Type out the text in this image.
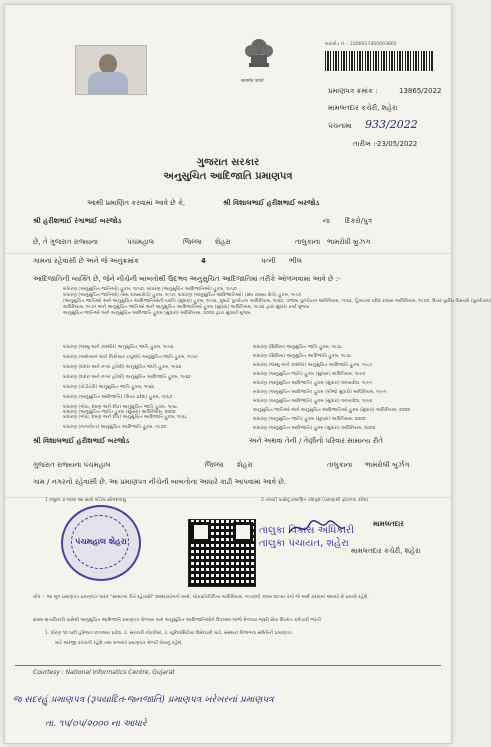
सत्यमेव जयते
બારકોડ નં. : 2200017400003865
પ્રમાણપત્ર ક્રમાંક :	13865/2022
મામલતદાર કચેરી, શહેરા
પંચનામા 933/2022
તારીખ :- 23/05/2022
ગુજરાત સરકાર
અનુસુચિત આદિજાતિ પ્રમાણપત્ર
આથી પ્રમાણિત કરવામાં આવે છે કે,	શ્રી વિશાલભાઈ હરીશભાઈ બરજોડ
શ્રી હરીશભાઈ રંગાભાઈ બરજોડ	ના દિકરો/પુત્ર
છે, તે ગુજરાત રાજ્યના	પંચમહાલ	જિલ્લા શેહરા	તાલુકાના ભામરોધી બ્રુઝગ
ગામના રહેવાસી છે અને જે અનુક્રમાંક	4	પત્ની ભીલ
આદિજાતિની વ્યક્તિ છે, જેને નીચેની બાબતોથી ઉદભવ અનુસુચિત આદિજાતિમાં તરીકે ઓળખવામાં આવે છે :-
બંધારણ (અનુસુચિત જાતિઓ) હુકમ, ૧૯૫૦, બંધારણ (અનુસુચિત આદિજાતિઓ) હુકમ, ૧૯૫૦
બંધારણ (અનુસુચિત જાતિઓ) (સંઘ રાજ્યક્ષેત્રો) હુકમ, ૧૯૫૧, બંધારણ (અનુસુચિત આદિજાતિઓ) (સંઘ રાજ્ય ક્ષેત્રો) હુકમ, ૧૯૫૧
(અનુસુચિત જાતિઓ અને અનુસુચિત આદિજાતિઓની યાદી) (સુધારા) હુકમ, ૧૯૫૬, મુંબઈ પુનર્રચના અધિનિયમ, ૧૯૬૦, પંજાબ પુનર્રચના અધિનિયમ, ૧૯૬૬, હિમાચલ પ્રદેશ રાજ્ય અધિનિયમ, ૧૯૭૦, ઉત્તર-પુર્વીય વિસ્તારો (પુનર્રચના)
અધિનિયમ, ૧૯૭૧ અને અનુસુચિત જાતિઓ અને અનુસુચિત આદિજાતિઓ હુકમ (સુધારા) અધિનિયમ, ૧૯૭૬ દ્વારા સુધારા કર્યા મુજબ
અનુસુચિત જાતિઓ અને અનુસુચિત આદિજાતિ હુકમ (સુધારા) અધિનિયમ, ૨૦૦૨ દ્વારા સુધાર્યા મુજબ
બંધારણ (જમ્મુ અને કાશ્મીર) અનુસુચિત જાતિ હુકમ, ૧૯૫૬
બંધારણ (આંદામાન અને નિકોબાર ટાપુઓ) અનુસુચિત જાતિ હુકમ, ૧૯૫૯
બંધારણ (દાદરા અને નગર હવેલી) અનુસુચિત જાતિ હુકમ, ૧૯૬૨
બંધારણ (દાદરા અને નગર હવેલી) અનુસુચિત આદિજાતિ હુકમ, ૧૯૬૨
બંધારણ (પોંડીચેરી) અનુસુચિત જાતિ હુકમ, ૧૯૬૪
બંધારણ (અનુસુચિત આદિજાતિ) (ઉત્તર પ્રદેશ) હુકમ, ૧૯૬૭
બંધારણ (ગોવા, દમણ અને દીવ) અનુસુચિત જાતિ હુકમ, ૧૯૬૮
બંધારણ (ગોવા, દમણ અને દીવ) અનુસુચિત આદિજાતિ હુકમ, ૧૯૬૮
બંધારણ (નાગાલેન્ડ) અનુસુચિત આદિજાતિ હુકમ, ૧૯૭૦
બંધારણ (સિક્કિમ) અનુસુચિત જાતિ હુકમ, ૧૯૭૮
બંધારણ (સિક્કિમ) અનુસુચિત આદિજાતિ હુકમ, ૧૯૭૮
બંધારણ (જમ્મુ અને કાશ્મીર) અનુસુચિત આદિજાતિ હુકમ, ૧૯૮૯
બંધારણ (અનુસુચિત જાતિ) હુકમ (સુધારા) અધિનિયમ, ૧૯૯૦
બંધારણ (અનુસુચિત આદિજાતિ) હુકમ (સુધારા) અધ્યાદેશ, ૧૯૯૧
બંધારણ (અનુસુચિત આદિજાતિ) હુકમ (બીજો સુધારો) અધિનિયમ, ૧૯૯૧
બંધારણ (અનુસુચિત આદિજાતિ) હુકમ (સુધારા) અધ્યાદેશ, ૧૯૯૬
અનુસુચિત જાતિઓ અને અનુસુચિત આદિજાતિઓ હુકમ (સુધારા) અધિનિયમ, ૨૦૦૨
બંધારણ (અનુસુચિત જાતિ) હુકમ (સુધારા) અધિનિયમ, ૨૦૦૨
બંધારણ (અનુસુચિત આદિજાતિ) હુકમ (સુધારા) અધિનિયમ, ૨૦૦૨
બંધારણ (અનુસુચિત જાતિ) હુકમ (સુધારા) અધિનિયમ, ૨૦૦૨
શ્રી વિશાલભાઈ હરીશભાઈ બરજોડ	અને અથવા તેની / તેણીનો પરિવાર સામાન્ય રીતે
ગુજરાત રાજ્યના પંચમહાલ	જિલ્લા શેહરા	તાલુકાના ભામરોલી બુર્ઝગ
ગામ / નગરનો રહેવાસી છે. આ પ્રમાણપત્ર નીચેની બાબતોના આધારે કાઢી આપવામાં આવે છે.
1 નમુના ૭-૧૨માં આ સાથે બીડેલ સોગંદનામું	2 તલાટી પાસેનું પ્રમાણિત વંશવૃક્ષ (પરાણાથી ફાઇનલ કરેલ)
પંચમહાલ શેહરા
મામલતદાર
તાલુકા વિકાસ અધિકારી
તાલુકા પંચાયત, શહેરા
મામલતદાર કચેરી, શહેરા
નોંધ :- આ મૂળ પ્રમાણપત્ર પ્રમાણપત્ર ધારક "સામાન્ય રીતે રહેવાસી" શબ્દપ્રયોગનો અર્થ, લોકપ્રતિનિધિત્વ અધિનિયમ, ૧૯૫૦ની કલમ ૨૦-માં તેનો જે અર્થ કરવામાં આવ્યો છે પ્રમાણે રહેશે.
સક્ષમ સત્તાધિકારી પાસેથી અનુસુચિત આદિજાતિ પ્રમાણપત્ર મેળવ્યા બાદ અનુસુચિત આદિજાતિઓને ઉપલબ્ધ લાભો મેળવવા જરૂરી સેવા ઉપરાંત કર્મચારી ભરતી
1. ધોરણ ૧૦ પછી હરિજન છાત્રાલય પ્રવેશ, 2. સરકારી નોકરીમાં, 3. યુનિવર્સિટીમાં ઉમેદવારી માટે, સંસ્થાન વિભાગના સમિતિને પ્રમાણપત્ર
માટે અરજી કરવાની રહેશે તથા મળનાર પ્રમાણપત્ર મેળવી લેવાનું રહેશે.
Courtesy : National Informatics Centre, Gujarat
જ સદરહું પ્રમાણપત્ર (રૂપયાદિત-જનજાતિ) પ્રમાણપત્ર ખરેખરનાં પ્રમાણપત્ર
તા. ૧૫/૦૫/૨૦૦૦ ના આધારે
